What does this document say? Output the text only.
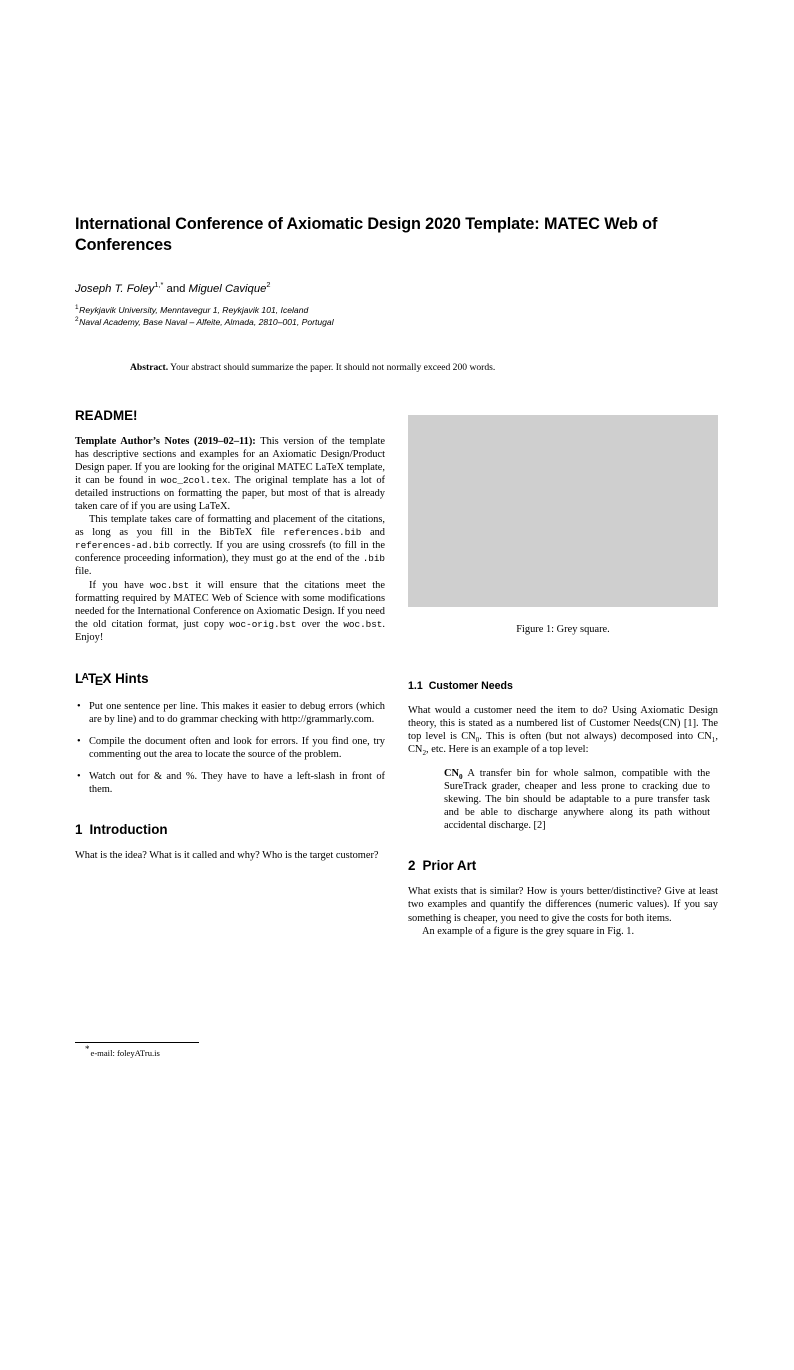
International Conference of Axiomatic Design 2020 Template: MATEC Web of Conferences
Joseph T. Foley$^{1,*}$ and Miguel Cavique$^2$
$^1$Reykjavik University, Menntavegur 1, Reykjavik 101, Iceland
$^2$Naval Academy, Base Naval – Alfeite, Almada, 2810–001, Portugal
Abstract. Your abstract should summarize the paper. It should not normally exceed 200 words.
README!

Template Author’s Notes (2019–02–11): This version of the template has descriptive sections and examples for an Axiomatic Design/Product Design paper. If you are looking for the original MATEC LaTeX template, it can be found in woc_2col.tex. The original template has a lot of detailed instructions on formatting the paper, but most of that is already taken care of if you are using LaTeX.

This template takes care of formatting and placement of the citations, as long as you fill in the BibTeX file references.bib and references-ad.bib correctly. If you are using crossrefs (to fill in the conference proceeding information), they must go at the end of the .bib file.

If you have woc.bst it will ensure that the citations meet the formatting required by MATEC Web of Science with some modifications needed for the International Conference on Axiomatic Design. If you need the old citation format, just copy woc-orig.bst over the woc.bst. Enjoy!

$L^ATEX$ Hints
• Put one sentence per line. This makes it easier to debug errors (which are by line) and to do grammar checking with http://grammarly.com.
• Compile the document often and look for errors. If you find one, try commenting out the area to locate the source of the problem.
• Watch out for & and %. They have to have a left-slash in front of them.
1 Introduction

What is the idea? What is it called and why? Who is the target customer?

Figure 1: Grey square.
1.1 Customer Needs

What would a customer need the item to do? Using Axiomatic Design theory, this is stated as a numbered list of Customer Needs(CN) [1]. The top level is $CN_0$. This is often (but not always) decomposed into $CN_1$, $CN_2$, etc. Here is an example of a top level:

$CN_0$ A transfer bin for whole salmon, compatible with the SureTrack grader, cheaper and less prone to cracking due to skewing. The bin should be adaptable to a pure transfer task and be able to discharge anywhere along its path without accidental discharge. [2]
2 Prior Art

What exists that is similar? How is yours better/distinctive? Give at least two examples and quantify the differences (numeric values). If you say something is cheaper, you need to give the costs for both items.

An example of a figure is the grey square in Fig. 1.

*e-mail: foleyATru.is
